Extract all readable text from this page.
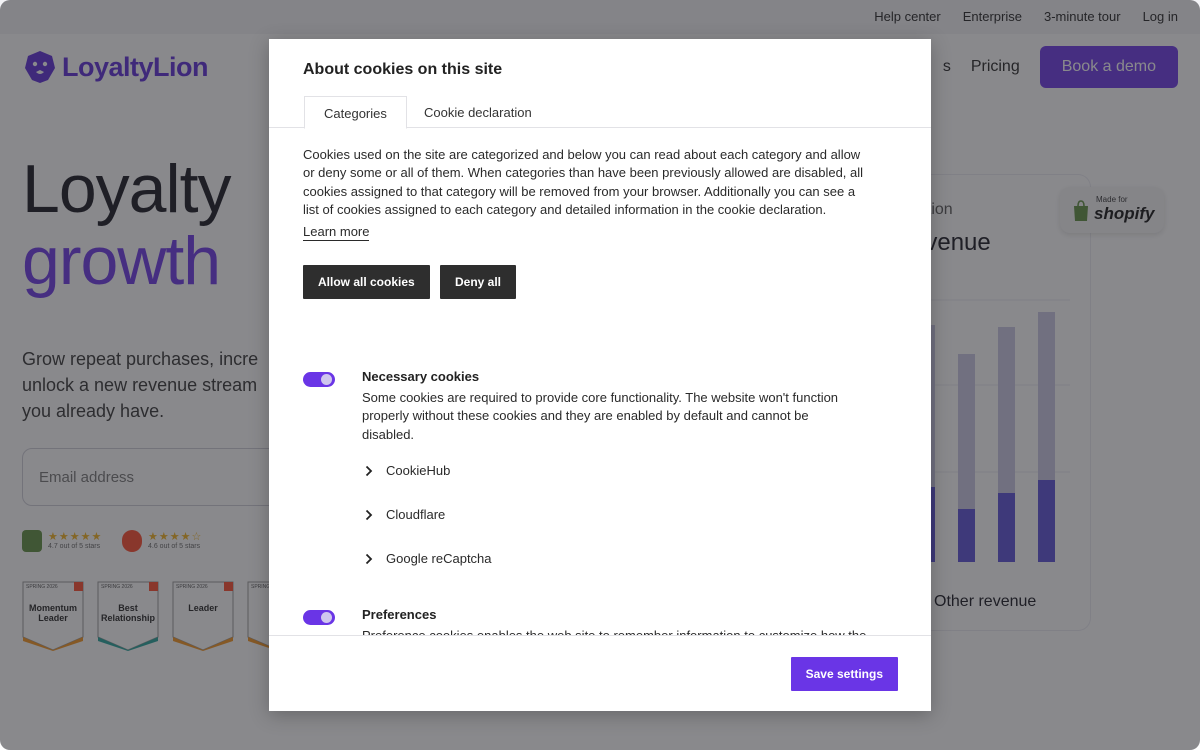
About cookies on this site
Categories	Cookie declaration
Cookies used on the site are categorized and below you can read about each category and allow
or deny some or all of them. When categories than have been previously allowed are disabled, all
cookies assigned to that category will be removed from your browser. Additionally you can see a
list of cookies assigned to each category and detailed information in the cookie declaration.
Learn more
Allow all cookies	Deny all
Necessary cookies
Some cookies are required to provide core functionality. The website won't function
properly without these cookies and they are enabled by default and cannot be
disabled.
CookieHub
Cloudflare
Google reCaptcha
Preferences
Save settings
